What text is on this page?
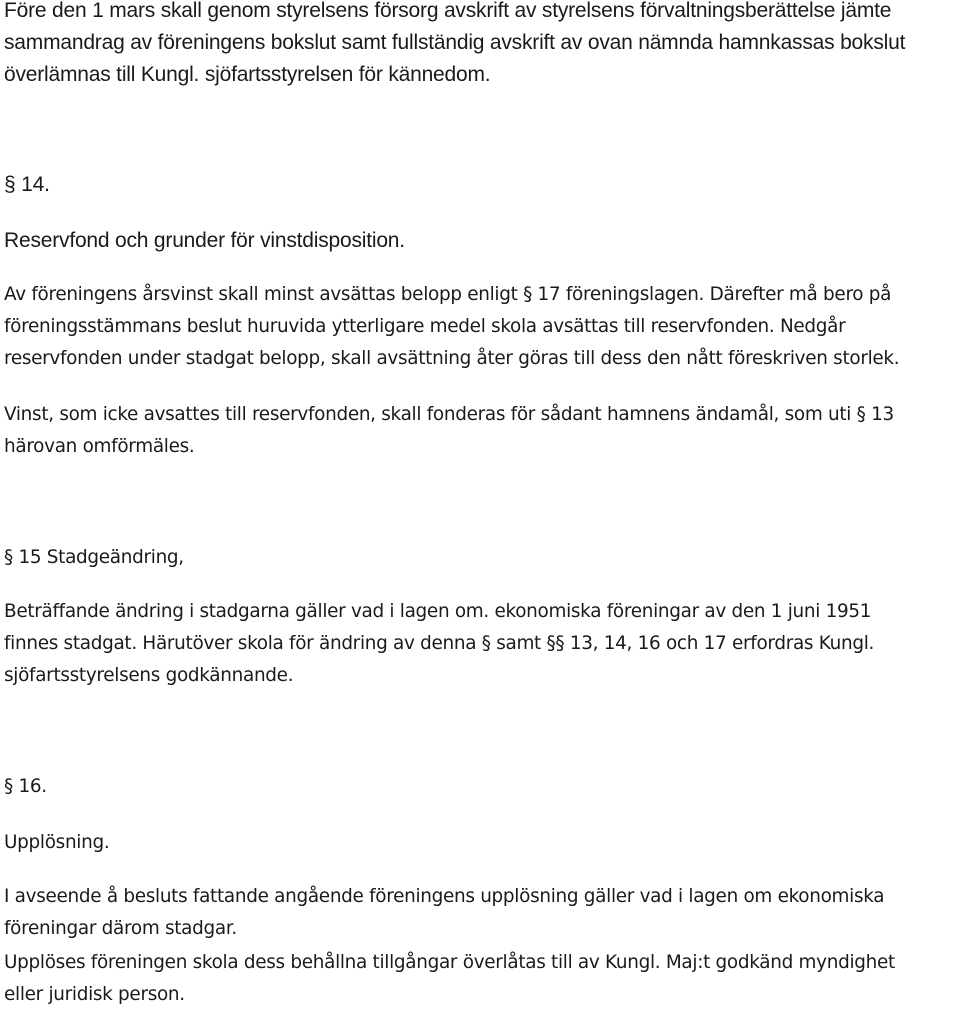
Före den 1 mars skall genom styrelsens försorg avskrift av styrelsens förvaltningsberättelse jämte
sammandrag av föreningens bokslut samt fullständig avskrift av ovan nämnda hamnkassas bokslut
överlämnas till Kungl. sjöfartsstyrelsen för kännedom.
§ 14.
Reservfond och grunder för vinstdisposition.
Av föreningens årsvinst skall minst avsättas belopp enligt § 17 föreningslagen. Därefter må bero på
föreningsstämmans beslut huruvida ytterligare medel skola avsättas till reservfonden. Nedgår
reservfonden under stadgat belopp, skall avsättning åter göras till dess den nått föreskriven storlek.
Vinst, som icke avsattes till reservfonden, skall fonderas för sådant hamnens ändamål, som uti § 13
härovan omförmäles.
§ 15 Stadgeändring,
Beträffande ändring i stadgarna gäller vad i lagen om. ekonomiska föreningar av den 1 juni 1951
finnes stadgat. Härutöver skola för ändring av denna § samt §§ 13, 14, 16 och 17 erfordras Kungl.
sjöfartsstyrelsens godkännande.
§ 16.
Upplösning.
I avseende å besluts fattande angående föreningens upplösning gäller vad i lagen om ekonomiska
föreningar därom stadgar.
Upplöses föreningen skola dess behållna tillgångar överlåtas till av Kungl. Maj:t godkänd myndighet
eller juridisk person.
